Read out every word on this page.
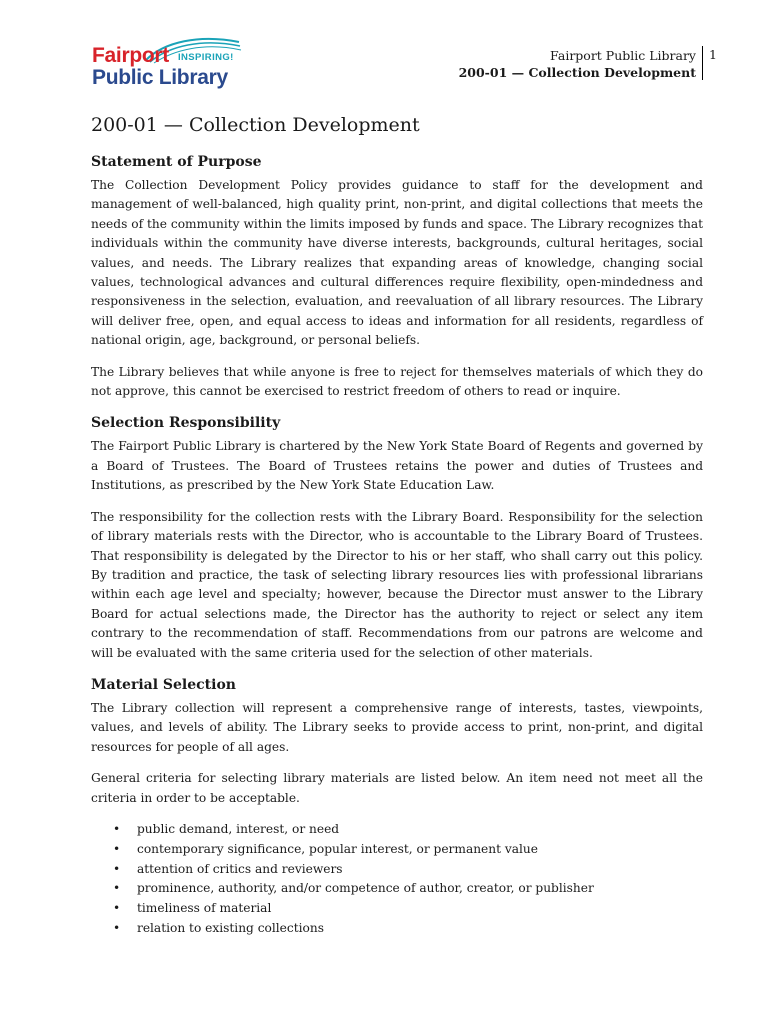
Fairport INSPIRING!
Public Library
Fairport Public Library
200-01 — Collection Development
1
200-01 — Collection Development
Statement of Purpose

The Collection Development Policy provides guidance to staff for the development and management of well-balanced, high quality print, non-print, and digital collections that meets the needs of the community within the limits imposed by funds and space. The Library recognizes that individuals within the community have diverse interests, backgrounds, cultural heritages, social values, and needs. The Library realizes that expanding areas of knowledge, changing social values, technological advances and cultural differences require flexibility, open-mindedness and responsiveness in the selection, evaluation, and reevaluation of all library resources. The Library will deliver free, open, and equal access to ideas and information for all residents, regardless of national origin, age, background, or personal beliefs.

The Library believes that while anyone is free to reject for themselves materials of which they do not approve, this cannot be exercised to restrict freedom of others to read or inquire.

Selection Responsibility

The Fairport Public Library is chartered by the New York State Board of Regents and governed by a Board of Trustees. The Board of Trustees retains the power and duties of Trustees and Institutions, as prescribed by the New York State Education Law.

The responsibility for the collection rests with the Library Board. Responsibility for the selection of library materials rests with the Director, who is accountable to the Library Board of Trustees. That responsibility is delegated by the Director to his or her staff, who shall carry out this policy. By tradition and practice, the task of selecting library resources lies with professional librarians within each age level and specialty; however, because the Director must answer to the Library Board for actual selections made, the Director has the authority to reject or select any item contrary to the recommendation of staff. Recommendations from our patrons are welcome and will be evaluated with the same criteria used for the selection of other materials.

Material Selection

The Library collection will represent a comprehensive range of interests, tastes, viewpoints, values, and levels of ability. The Library seeks to provide access to print, non-print, and digital resources for people of all ages.

General criteria for selecting library materials are listed below. An item need not meet all the criteria in order to be acceptable.

• public demand, interest, or need
• contemporary significance, popular interest, or permanent value
• attention of critics and reviewers
• prominence, authority, and/or competence of author, creator, or publisher
• timeliness of material
• relation to existing collections
